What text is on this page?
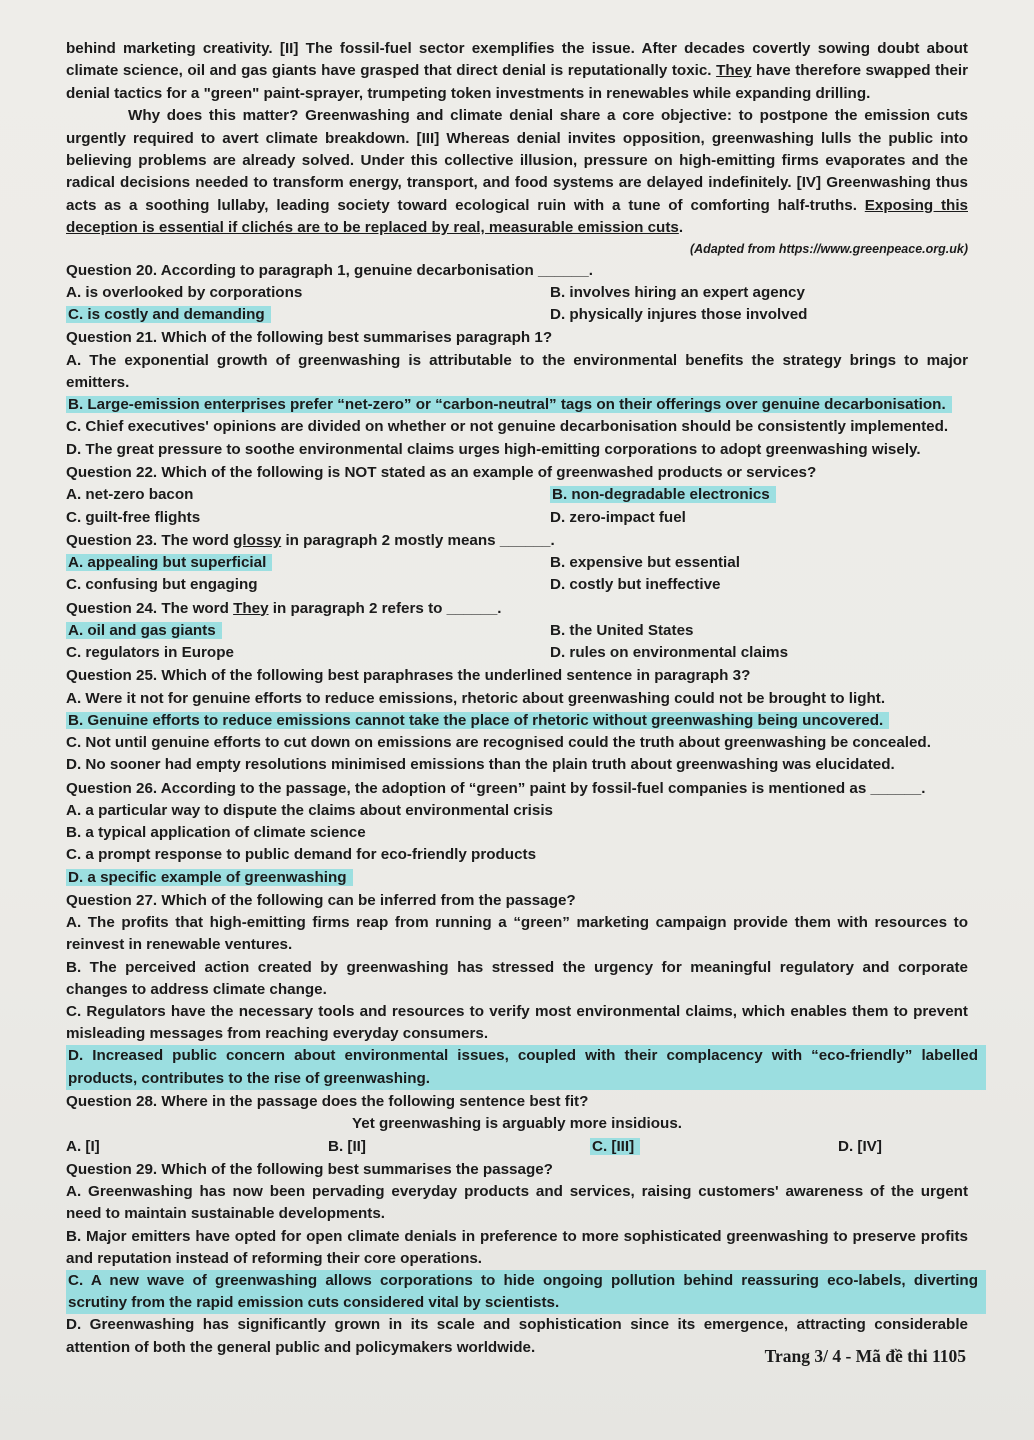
behind marketing creativity. [II] The fossil-fuel sector exemplifies the issue. After decades covertly sowing doubt about climate science, oil and gas giants have grasped that direct denial is reputationally toxic. They have therefore swapped their denial tactics for a "green" paint-sprayer, trumpeting token investments in renewables while expanding drilling.

Why does this matter? Greenwashing and climate denial share a core objective: to postpone the emission cuts urgently required to avert climate breakdown. [III] Whereas denial invites opposition, greenwashing lulls the public into believing problems are already solved. Under this collective illusion, pressure on high-emitting firms evaporates and the radical decisions needed to transform energy, transport, and food systems are delayed indefinitely. [IV] Greenwashing thus acts as a soothing lullaby, leading society toward ecological ruin with a tune of comforting half-truths. Exposing this deception is essential if clichés are to be replaced by real, measurable emission cuts.

(Adapted from https://www.greenpeace.org.uk)

Question 20. According to paragraph 1, genuine decarbonisation ______.

A. is overlooked by corporations	B. involves hiring an expert agency
C. is costly and demanding	D. physically injures those involved

Question 21. Which of the following best summarises paragraph 1?

A. The exponential growth of greenwashing is attributable to the environmental benefits the strategy brings to major emitters.

B. Large-emission enterprises prefer “net-zero” or “carbon-neutral” tags on their offerings over genuine decarbonisation.

C. Chief executives' opinions are divided on whether or not genuine decarbonisation should be consistently implemented.

D. The great pressure to soothe environmental claims urges high-emitting corporations to adopt greenwashing wisely.

Question 22. Which of the following is NOT stated as an example of greenwashed products or services?

A. net-zero bacon	B. non-degradable electronics
C. guilt-free flights	D. zero-impact fuel

Question 23. The word glossy in paragraph 2 mostly means ______.

A. appealing but superficial	B. expensive but essential
C. confusing but engaging	D. costly but ineffective

Question 24. The word They in paragraph 2 refers to ______.

A. oil and gas giants	B. the United States
C. regulators in Europe	D. rules on environmental claims

Question 25. Which of the following best paraphrases the underlined sentence in paragraph 3?

A. Were it not for genuine efforts to reduce emissions, rhetoric about greenwashing could not be brought to light.

B. Genuine efforts to reduce emissions cannot take the place of rhetoric without greenwashing being uncovered.

C. Not until genuine efforts to cut down on emissions are recognised could the truth about greenwashing be concealed.

D. No sooner had empty resolutions minimised emissions than the plain truth about greenwashing was elucidated.

Question 26. According to the passage, the adoption of “green” paint by fossil-fuel companies is mentioned as ______.

A. a particular way to dispute the claims about environmental crisis

B. a typical application of climate science

C. a prompt response to public demand for eco-friendly products

D. a specific example of greenwashing

Question 27. Which of the following can be inferred from the passage?

A. The profits that high-emitting firms reap from running a “green” marketing campaign provide them with resources to reinvest in renewable ventures.

B. The perceived action created by greenwashing has stressed the urgency for meaningful regulatory and corporate changes to address climate change.

C. Regulators have the necessary tools and resources to verify most environmental claims, which enables them to prevent misleading messages from reaching everyday consumers.

D. Increased public concern about environmental issues, coupled with their complacency with “eco-friendly” labelled products, contributes to the rise of greenwashing.

Question 28. Where in the passage does the following sentence best fit?

Yet greenwashing is arguably more insidious.

A. [I]	B. [II]	C. [III]	D. [IV]

Question 29. Which of the following best summarises the passage?

A. Greenwashing has now been pervading everyday products and services, raising customers' awareness of the urgent need to maintain sustainable developments.

B. Major emitters have opted for open climate denials in preference to more sophisticated greenwashing to preserve profits and reputation instead of reforming their core operations.

C. A new wave of greenwashing allows corporations to hide ongoing pollution behind reassuring eco-labels, diverting scrutiny from the rapid emission cuts considered vital by scientists.

D. Greenwashing has significantly grown in its scale and sophistication since its emergence, attracting considerable attention of both the general public and policymakers worldwide.	Trang 3/ 4 - Mã đề thi 1105
